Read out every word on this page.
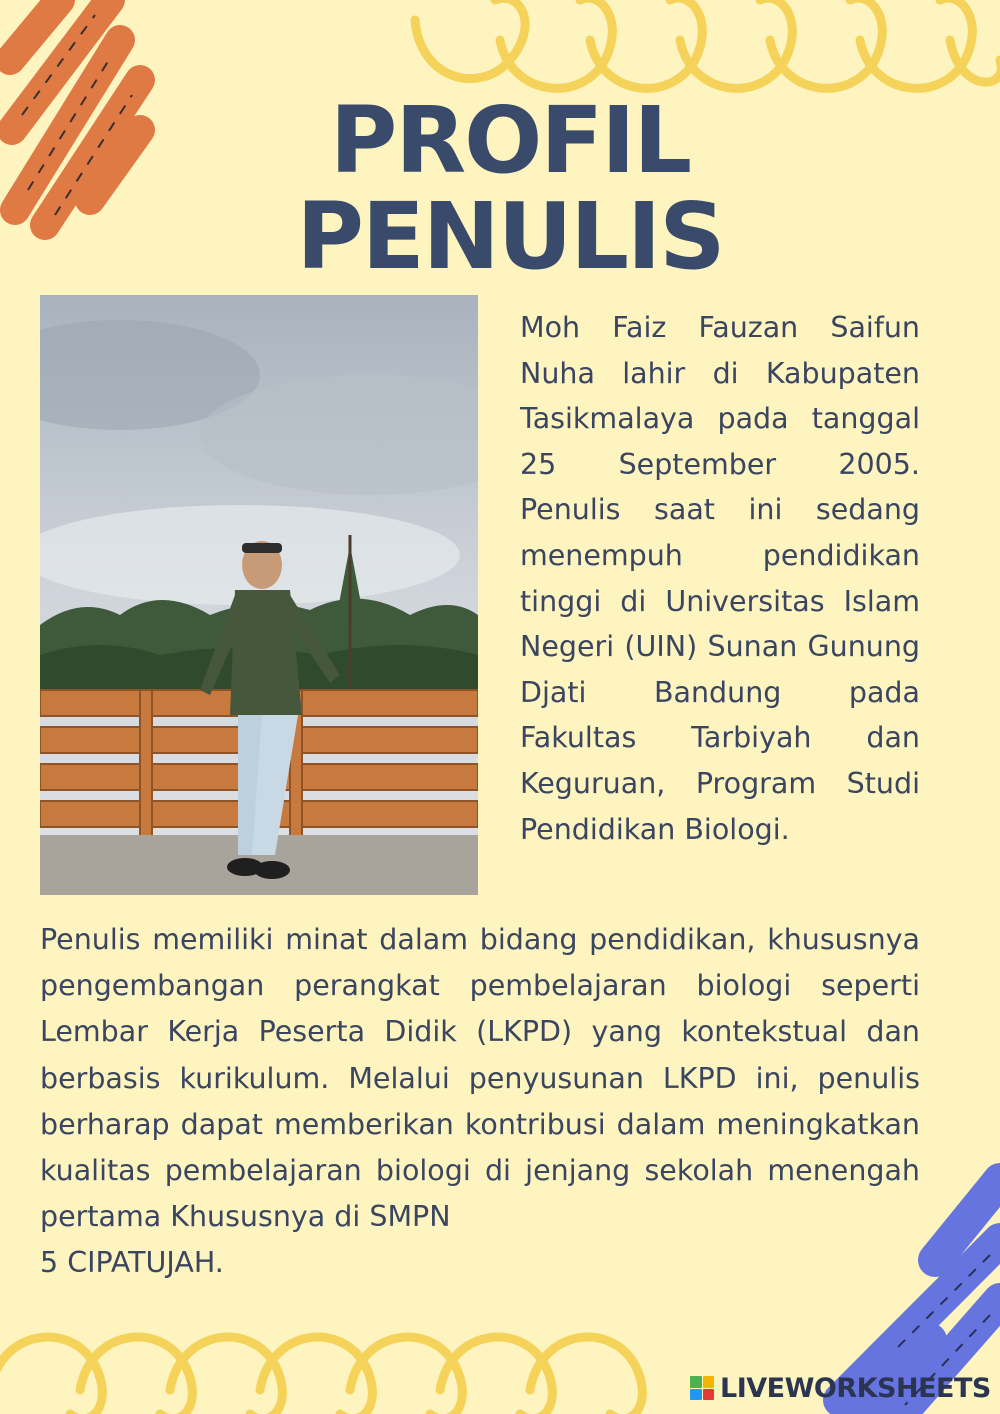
PROFIL
PENULIS
Moh Faiz Fauzan Saifun Nuha lahir di Kabupaten Tasikmalaya pada tanggal 25 September 2005. Penulis saat ini sedang menempuh pendidikan tinggi di Universitas Islam Negeri (UIN) Sunan Gunung Djati Bandung pada Fakultas Tarbiyah dan Keguruan, Program Studi Pendidikan Biologi.
Penulis memiliki minat dalam bidang pendidikan, khususnya pengembangan perangkat pembelajaran biologi seperti Lembar Kerja Peserta Didik (LKPD) yang kontekstual dan berbasis kurikulum. Melalui penyusunan LKPD ini, penulis berharap dapat memberikan kontribusi dalam meningkatkan kualitas pembelajaran biologi di jenjang sekolah menengah pertama Khususnya di SMPN
5 CIPATUJAH.
LIVEWORKSHEETS
